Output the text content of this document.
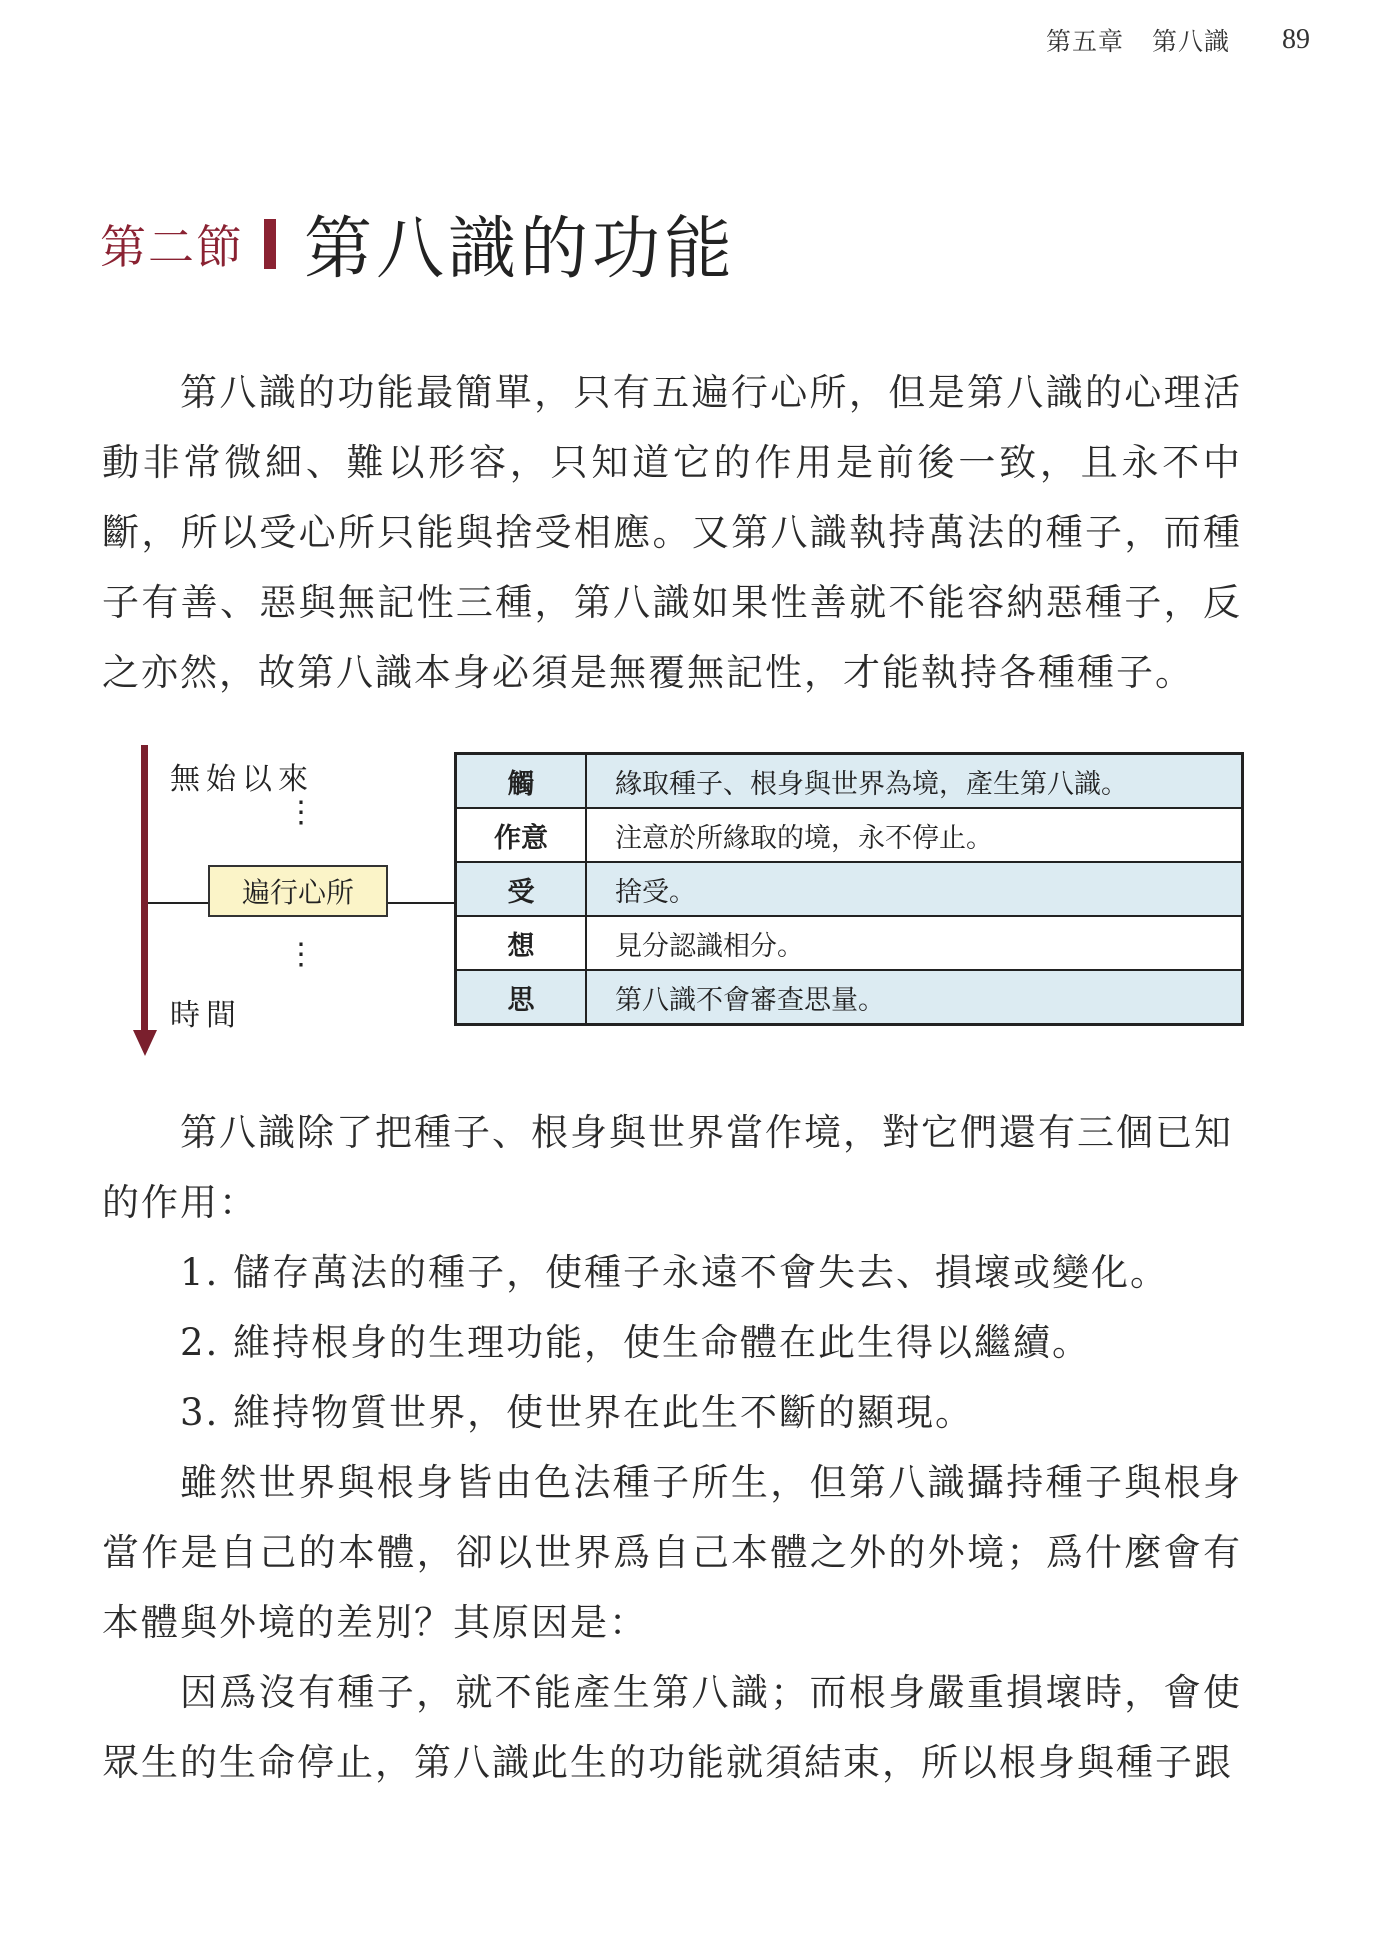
第五章 第八識 89
第二節 第八識的功能

第八識的功能最簡單，只有五遍行心所，但是第八識的心理活動非常微細、難以形容，只知道它的作用是前後一致，且永不中斷，所以受心所只能與捨受相應。又第八識執持萬法的種子，而種子有善、惡與無記性三種，第八識如果性善就不能容納惡種子，反之亦然，故第八識本身必須是無覆無記性，才能執持各種種子。

無始以來
時間
⋮
⋮
遍行心所
觸	緣取種子、根身與世界為境，產生第八識。
作意	注意於所緣取的境，永不停止。
受	捨受。
想	見分認識相分。
思	第八識不會審查思量。

第八識除了把種子、根身與世界當作境，對它們還有三個已知

的作用：

1. 儲存萬法的種子，使種子永遠不會失去、損壞或變化。

2. 維持根身的生理功能，使生命體在此生得以繼續。

3. 維持物質世界，使世界在此生不斷的顯現。

雖然世界與根身皆由色法種子所生，但第八識攝持種子與根身當作是自己的本體，卻以世界爲自己本體之外的外境；爲什麼會有本體與外境的差別？其原因是：

因爲沒有種子，就不能產生第八識；而根身嚴重損壞時，會使眾生的生命停止，第八識此生的功能就須結束，所以根身與種子跟
